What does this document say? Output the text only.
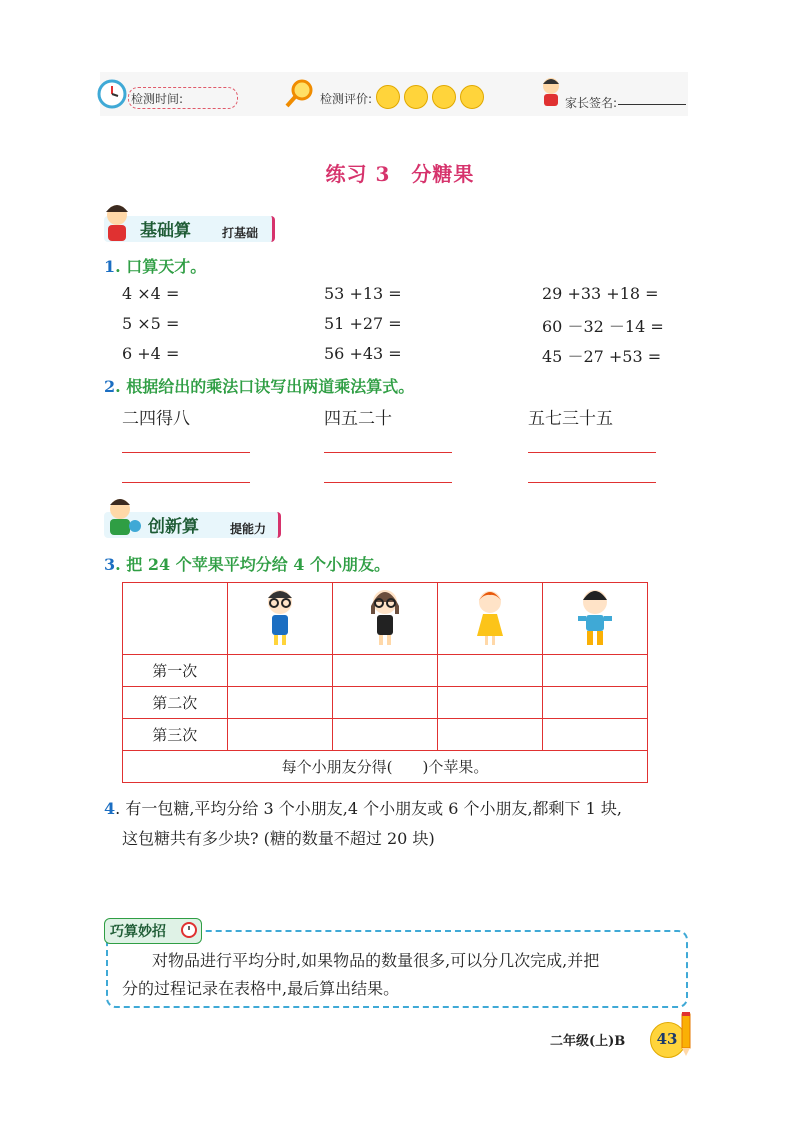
检测时间:	检测评价:	家长签名:
练习 3　分糖果
基础算	打基础
1. 口算天才。
4 ×4 =	53 +13 =	29 +33 +18 =
5 ×5 =	51 +27 =	60 －32 －14 =
6 +4 =	56 +43 =	45 －27 +53 =
2. 根据给出的乘法口诀写出两道乘法算式。
二四得八	四五二十	五七三十五
创新算	提能力
3. 把 24 个苹果平均分给 4 个小朋友。

第一次				
第二次				
第三次				
每个小朋友分得(　　)个苹果。				
4. 有一包糖,平均分给 3 个小朋友,4 个小朋友或 6 个小朋友,都剩下 1 块,
这包糖共有多少块? (糖的数量不超过 20 块)
巧算妙招
对物品进行平均分时,如果物品的数量很多,可以分几次完成,并把
分的过程记录在表格中,最后算出结果。
二年级(上)B	43
